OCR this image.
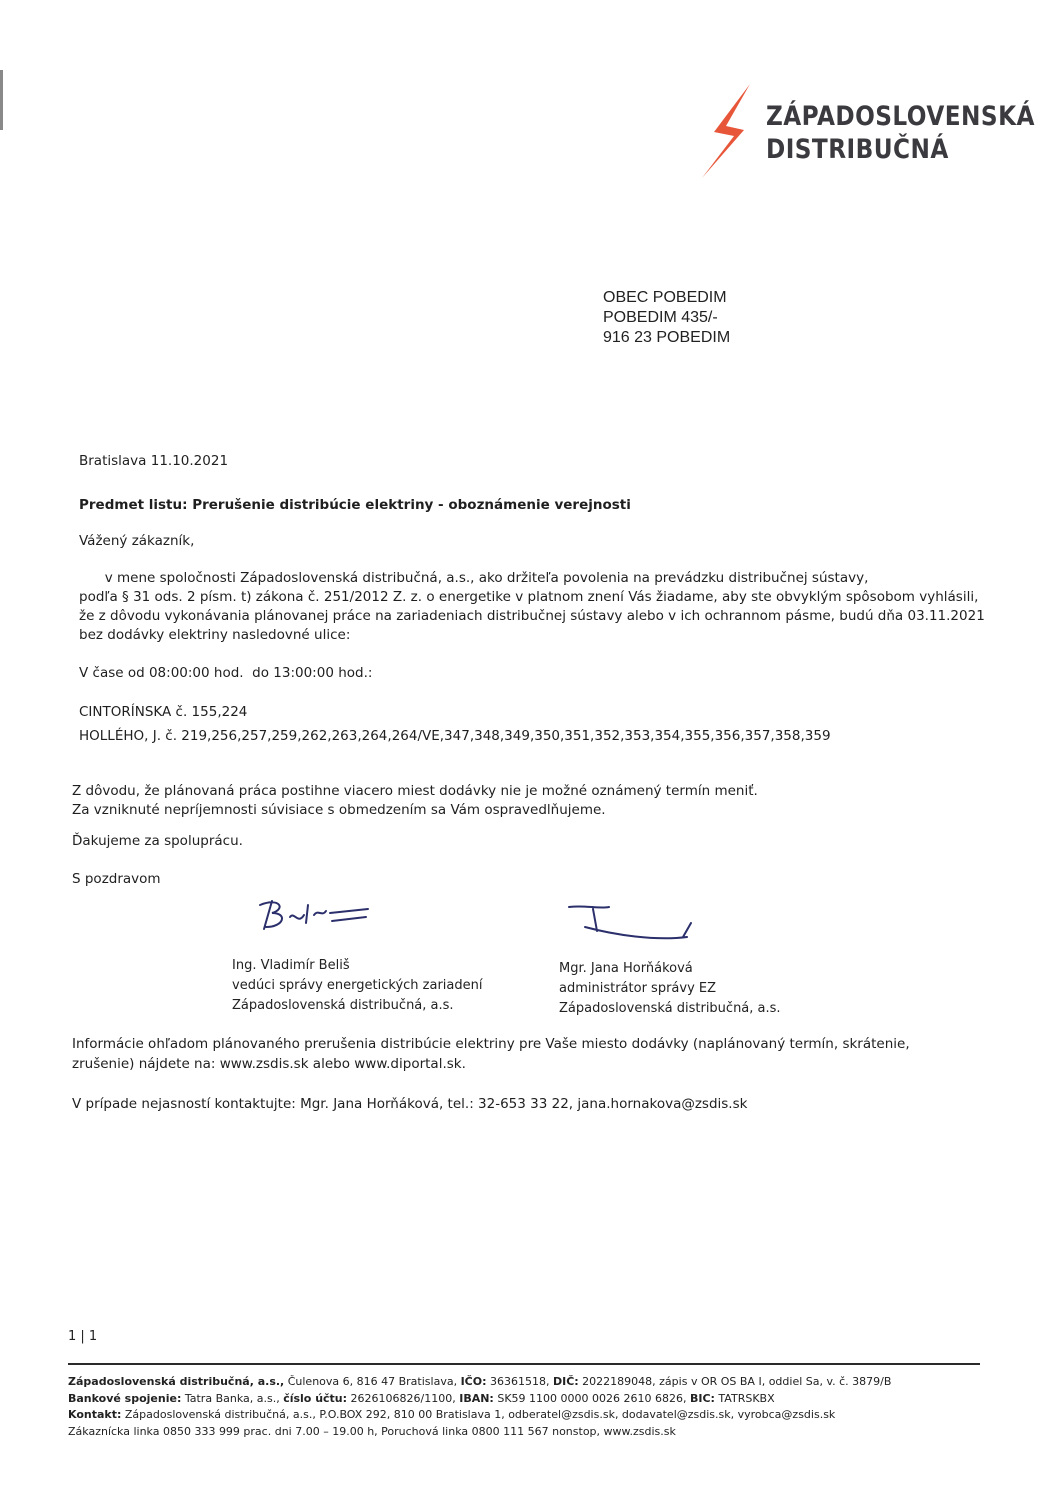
ZÁPADOSLOVENSKÁ
DISTRIBUČNÁ
OBEC POBEDIM
POBEDIM 435/-
916 23 POBEDIM
Bratislava 11.10.2021
Predmet listu: Prerušenie distribúcie elektriny - oboznámenie verejnosti
Vážený zákazník,
v mene spoločnosti Západoslovenská distribučná, a.s., ako držiteľa povolenia na prevádzku distribučnej sústavy,
podľa § 31 ods. 2 písm. t) zákona č. 251/2012 Z. z. o energetike v platnom znení Vás žiadame, aby ste obvyklým spôsobom vyhlásili,
že z dôvodu vykonávania plánovanej práce na zariadeniach distribučnej sústavy alebo v ich ochrannom pásme, budú dňa 03.11.2021
bez dodávky elektriny nasledovné ulice:
V čase od 08:00:00 hod.  do 13:00:00 hod.:
CINTORÍNSKA č. 155,224
HOLLÉHO, J. č. 219,256,257,259,262,263,264,264/VE,347,348,349,350,351,352,353,354,355,356,357,358,359
Z dôvodu, že plánovaná práca postihne viacero miest dodávky nie je možné oznámený termín meniť.
Za vzniknuté nepríjemnosti súvisiace s obmedzením sa Vám ospravedlňujeme.
Ďakujeme za spoluprácu.
S pozdravom
Ing. Vladimír Beliš
vedúci správy energetických zariadení
Západoslovenská distribučná, a.s.
Mgr. Jana Horňáková
administrátor správy EZ
Západoslovenská distribučná, a.s.
Informácie ohľadom plánovaného prerušenia distribúcie elektriny pre Vaše miesto dodávky (naplánovaný termín, skrátenie,
zrušenie) nájdete na: www.zsdis.sk alebo www.diportal.sk.
V prípade nejasností kontaktujte: Mgr. Jana Horňáková, tel.: 32-653 33 22, jana.hornakova@zsdis.sk
1 | 1
Západoslovenská distribučná, a.s., Čulenova 6, 816 47 Bratislava, IČO: 36361518, DIČ: 2022189048, zápis v OR OS BA I, oddiel Sa, v. č. 3879/B
Bankové spojenie: Tatra Banka, a.s., číslo účtu: 2626106826/1100, IBAN: SK59 1100 0000 0026 2610 6826, BIC: TATRSKBX
Kontakt: Západoslovenská distribučná, a.s., P.O.BOX 292, 810 00 Bratislava 1, odberatel@zsdis.sk, dodavatel@zsdis.sk, vyrobca@zsdis.sk
Zákaznícka linka 0850 333 999 prac. dni 7.00 – 19.00 h, Poruchová linka 0800 111 567 nonstop, www.zsdis.sk
